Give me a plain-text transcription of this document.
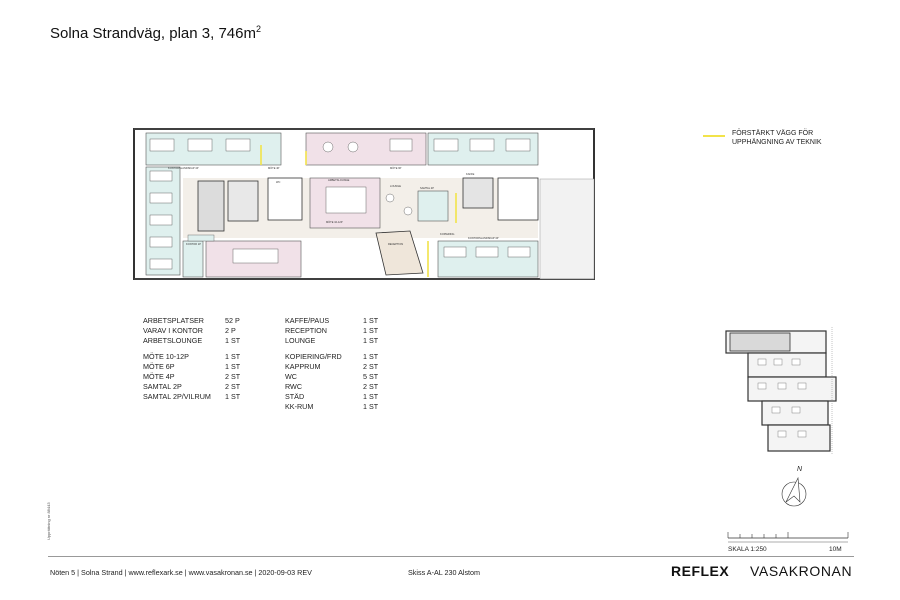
Solna Strandväg, plan 3, $746m^2$
FÖRSTÄRKT VÄGG FÖR
UPPHÄNGNING AV TEKNIK
KONTORSLANDSKAP 4P	MÖTE 4P
WC
ARBETSLOUNGE
MÖTE 10-12P
SAMTAL 2P
KONTOR 1P
LOUNGE
RECEPTION
KOPIERING
KAFFE
KONTORSLANDSKAP 4P
MÖTE 6P
ARBETSPLATSER	52 P
VARAV I KONTOR	2 P
ARBETSLOUNGE	1 ST

MÖTE 10-12P	1 ST
MÖTE 6P	1 ST
MÖTE 4P	2 ST
SAMTAL 2P	2 ST
SAMTAL 2P/VILRUM	1 ST
KAFFE/PAUS	1 ST
RECEPTION	1 ST
LOUNGE	1 ST

KOPIERING/FRD	1 ST
KAPPRUM	2 ST
WC	5 ST
RWC	2 ST
STÄD	1 ST
KK-RUM	1 ST
N
SKALA 1:250	10M
Upprättning nr 88443
Nöten 5 | Solna Strand | www.reflexark.se | www.vasakronan.se | 2020-09-03 REV	Skiss A-AL 230 Alstom	REFLEX VASAKRONAN
